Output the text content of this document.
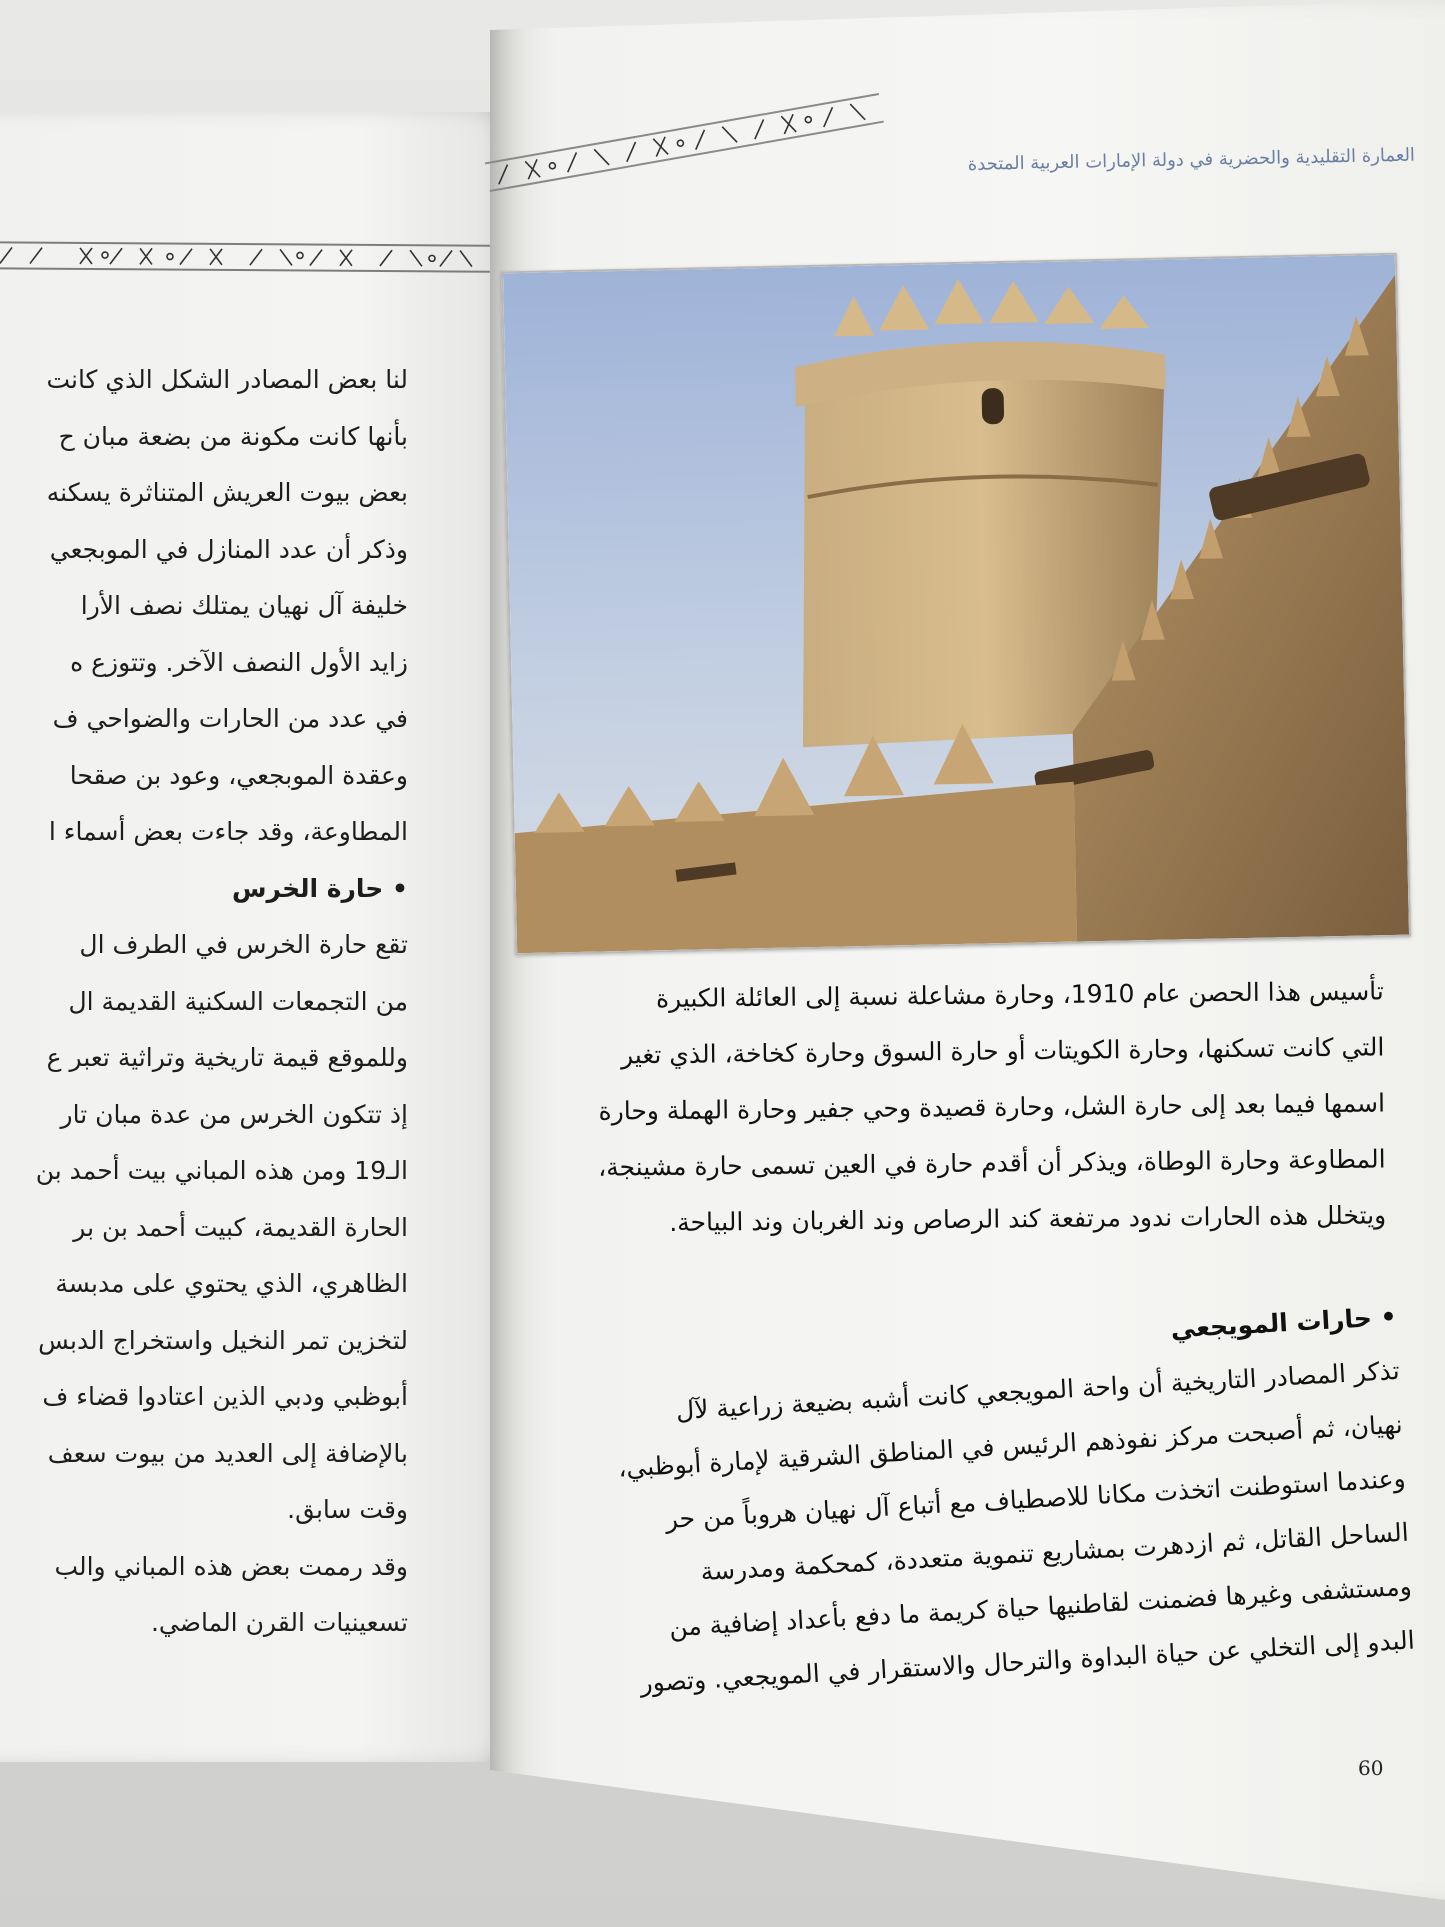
لنا بعض المصادر الشكل الذي كانت
بأنها كانت مكونة من بضعة مبان ح
بعض بيوت العريش المتناثرة يسكنه
وذكر أن عدد المنازل في الموبجعي
خليفة آل نهيان يمتلك نصف الأرا
زايد الأول النصف الآخر. وتتوزع ه
في عدد من الحارات والضواحي ف
وعقدة الموبجعي، وعود بن صقحا
المطاوعة، وقد جاءت بعض أسماء ا
• حارة الخرس
تقع حارة الخرس في الطرف ال
من التجمعات السكنية القديمة ال
وللموقع قيمة تاريخية وتراثية تعبر ع
إذ تتكون الخرس من عدة مبان تار
الـ19 ومن هذه المباني بيت أحمد بن
الحارة القديمة، كبيت أحمد بن بر
الظاهري، الذي يحتوي على مدبسة
لتخزين تمر النخيل واستخراج الدبس
أبوظبي ودبي الذين اعتادوا قضاء ف
بالإضافة إلى العديد من بيوت سعف
وقت سابق.
وقد رممت بعض هذه المباني والب
تسعينيات القرن الماضي.
العمارة التقليدية والحضرية في دولة الإمارات العربية المتحدة
تأسيس هذا الحصن عام 1910، وحارة مشاعلة نسبة إلى العائلة الكبيرة
التي كانت تسكنها، وحارة الكويتات أو حارة السوق وحارة كخاخة، الذي تغير
اسمها فيما بعد إلى حارة الشل، وحارة قصيدة وحي جفير وحارة الهملة وحارة
المطاوعة وحارة الوطاة، ويذكر أن أقدم حارة في العين تسمى حارة مشينجة،
ويتخلل هذه الحارات ندود مرتفعة كند الرصاص وند الغربان وند البياحة.
• حارات المويجعي
تذكر المصادر التاريخية أن واحة المويجعي كانت أشبه بضيعة زراعية لآل
نهيان، ثم أصبحت مركز نفوذهم الرئيس في المناطق الشرقية لإمارة أبوظبي،
وعندما استوطنت اتخذت مكانا للاصطياف مع أتباع آل نهيان هروباً من حر
الساحل القاتل، ثم ازدهرت بمشاريع تنموية متعددة، كمحكمة ومدرسة
ومستشفى وغيرها فضمنت لقاطنيها حياة كريمة ما دفع بأعداد إضافية من
البدو إلى التخلي عن حياة البداوة والترحال والاستقرار في المويجعي. وتصور
60
